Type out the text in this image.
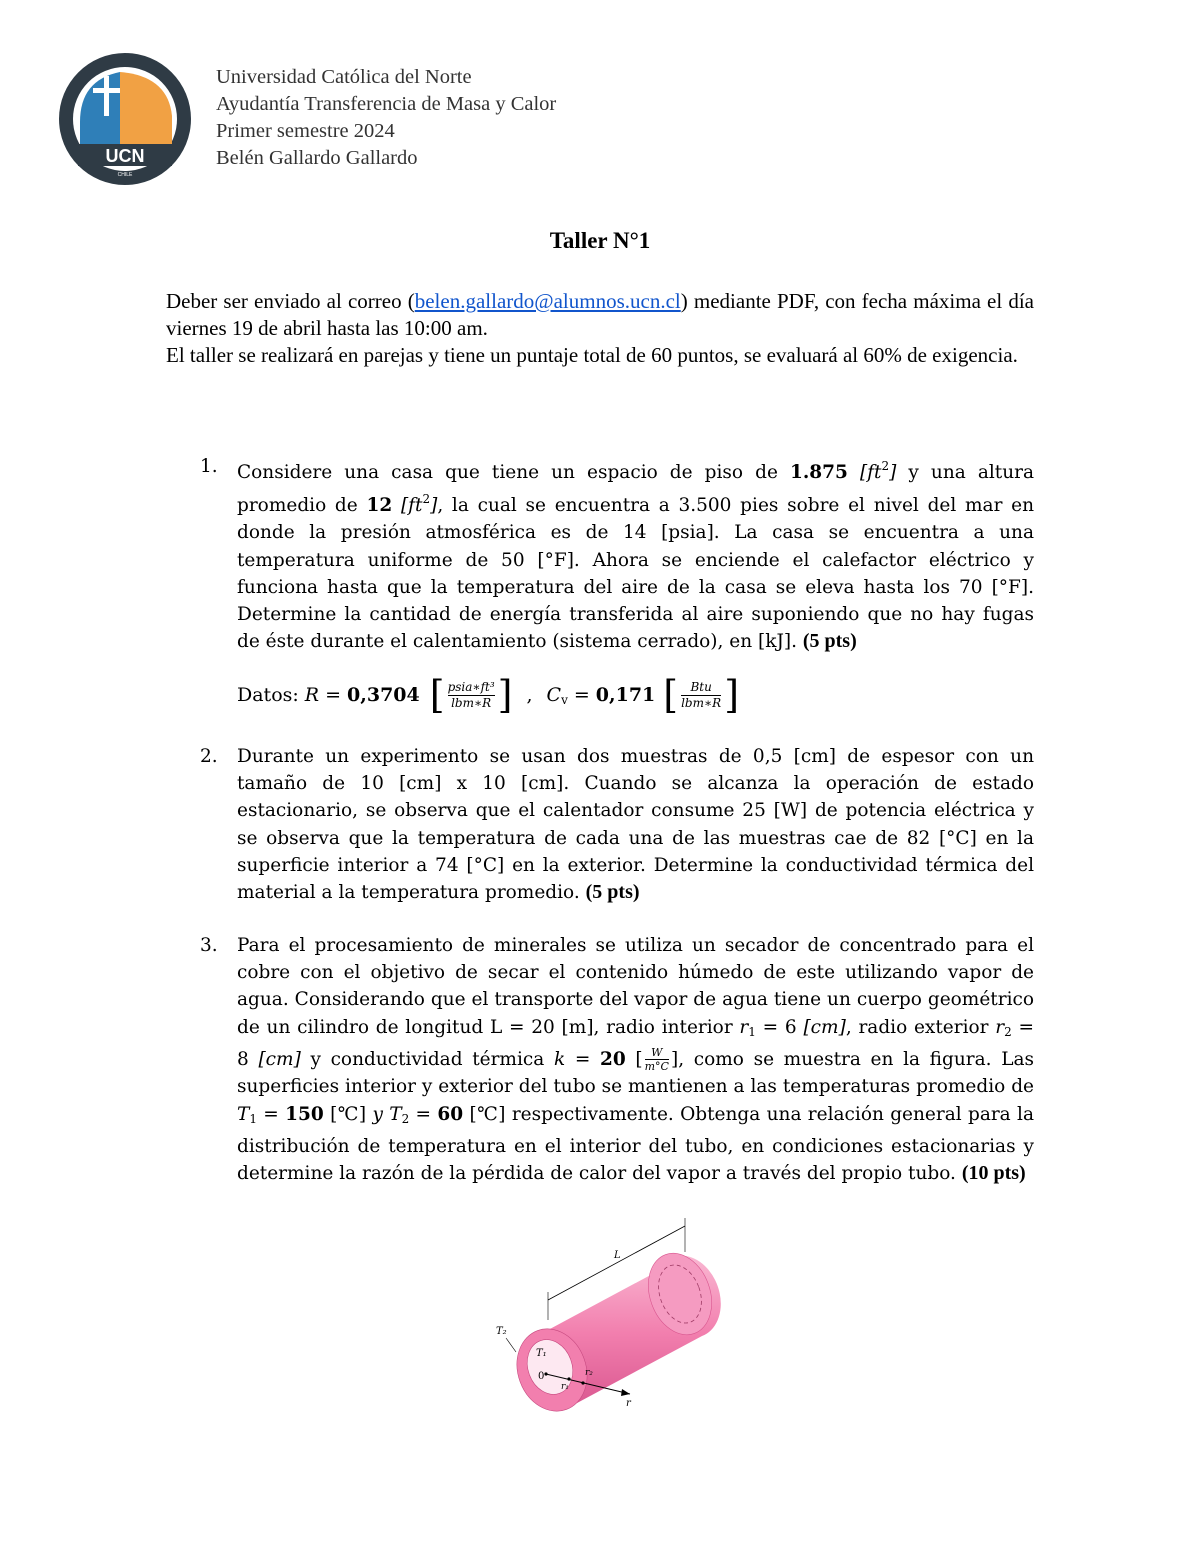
UCN
CHILE
Universidad Católica del Norte
Ayudantía Transferencia de Masa y Calor
Primer semestre 2024
Belén Gallardo Gallardo
Taller N°1

Deber ser enviado al correo (belen.gallardo@alumnos.ucn.cl) mediante PDF, con fecha máxima el día viernes 19 de abril hasta las 10:00 am.

El taller se realizará en parejas y tiene un puntaje total de 60 puntos, se evaluará al 60% de exigencia.

1.	Considere una casa que tiene un espacio de piso de 1.875 $[ft^2]$ y una altura promedio de 12 $[ft^2]$, la cual se encuentra a 3.500 pies sobre el nivel del mar en donde la presión atmosférica es de 14 [psia]. La casa se encuentra a una temperatura uniforme de 50 [°F]. Ahora se enciende el calefactor eléctrico y funciona hasta que la temperatura del aire de la casa se eleva hasta los 70 [°F]. Determine la cantidad de energía transferida al aire suponiendo que no hay fugas de éste durante el calentamiento (sistema cerrado), en [kJ]. (5 pts)
Datos: R = 0,3704 [ $\frac{\text{psia∗ft³}}{\text{lbm∗R}}$ ] , $C_v = 0,171$ [ $\frac{\text{Btu}}{\text{lbm∗R}}$ ]
2.	Durante un experimento se usan dos muestras de 0,5 [cm] de espesor con un tamaño de 10 [cm] x 10 [cm]. Cuando se alcanza la operación de estado estacionario, se observa que el calentador consume 25 [W] de potencia eléctrica y se observa que la temperatura de cada una de las muestras cae de 82 [°C] en la superficie interior a 74 [°C] en la exterior. Determine la conductividad térmica del material a la temperatura promedio. (5 pts)
3.	Para el procesamiento de minerales se utiliza un secador de concentrado para el cobre con el objetivo de secar el contenido húmedo de este utilizando vapor de agua. Considerando que el transporte del vapor de agua tiene un cuerpo geométrico de un cilindro de longitud L = 20 [m], radio interior $r_1 = 6$ [cm], radio exterior $r_2 = 8$ [cm] y conductividad térmica k = 20 [ $\frac{W}{m^\circ C}$ ], como se muestra en la figura. Las superficies interior y exterior del tubo se mantienen a las temperaturas promedio de $T_1 = 150$ [℃] y $T_2 = 60$ [℃] respectivamente. Obtenga una relación general para la distribución de temperatura en el interior del tubo, en condiciones estacionarias y determine la razón de la pérdida de calor del vapor a través del propio tubo. (10 pts)
L
T₂
T₁
0
r₁
r₂
r
